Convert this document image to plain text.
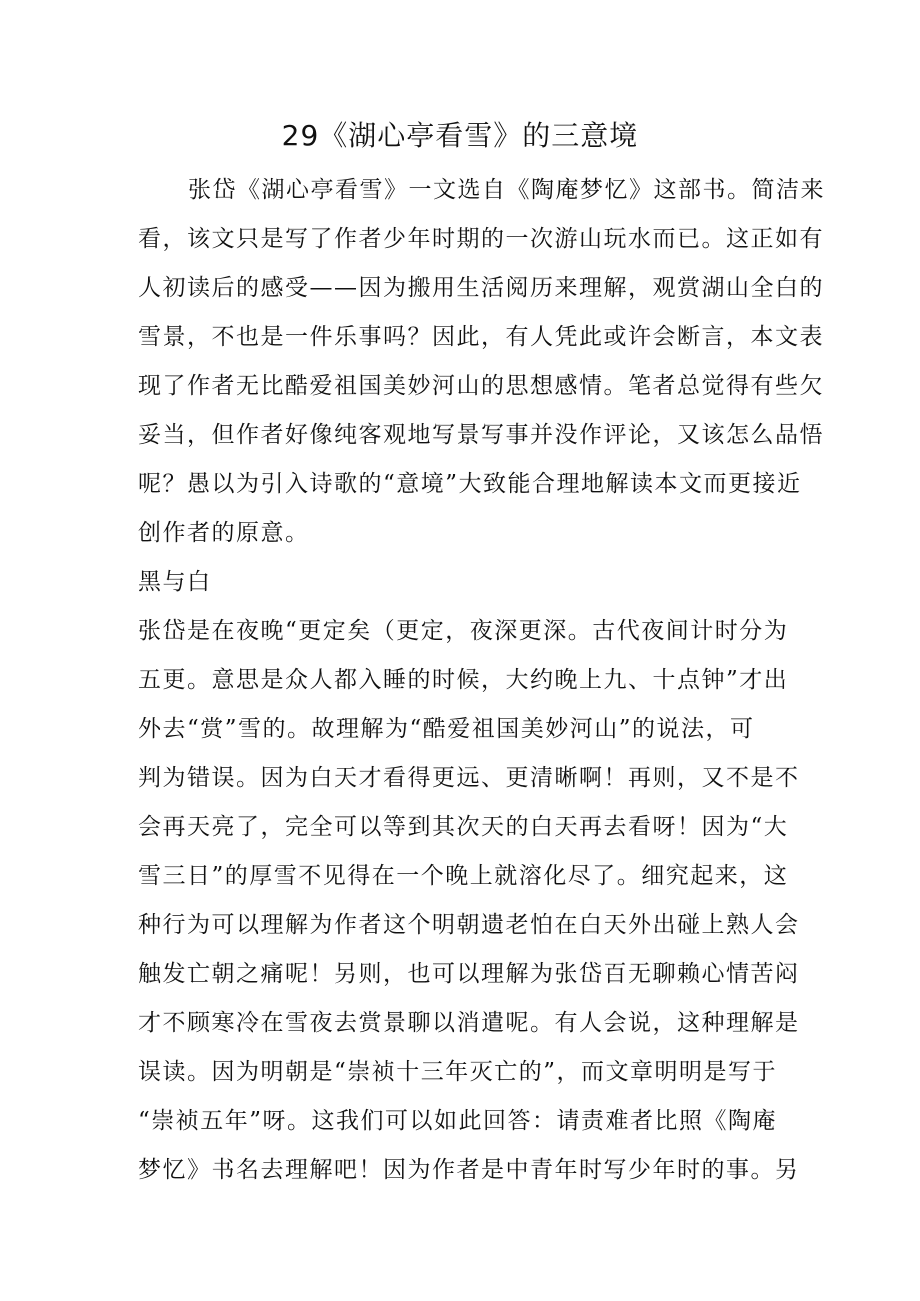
29《湖心亭看雪》的三意境
张岱《湖心亭看雪》一文选自《陶庵梦忆》这部书。简洁来
看，该文只是写了作者少年时期的一次游山玩水而已。这正如有
人初读后的感受——因为搬用生活阅历来理解，观赏湖山全白的
雪景，不也是一件乐事吗？因此，有人凭此或许会断言，本文表
现了作者无比酷爱祖国美妙河山的思想感情。笔者总觉得有些欠
妥当，但作者好像纯客观地写景写事并没作评论，又该怎么品悟
呢？愚以为引入诗歌的“意境”大致能合理地解读本文而更接近
创作者的原意。
黑与白
张岱是在夜晚“更定矣（更定，夜深更深。古代夜间计时分为
五更。意思是众人都入睡的时候，大约晚上九、十点钟”才出
外去“赏”雪的。故理解为“酷爱祖国美妙河山”的说法，可
判为错误。因为白天才看得更远、更清晰啊！再则，又不是不
会再天亮了，完全可以等到其次天的白天再去看呀！因为“大
雪三日”的厚雪不见得在一个晚上就溶化尽了。细究起来，这
种行为可以理解为作者这个明朝遗老怕在白天外出碰上熟人会
触发亡朝之痛呢！另则，也可以理解为张岱百无聊赖心情苦闷
才不顾寒冷在雪夜去赏景聊以消遣呢。有人会说，这种理解是
误读。因为明朝是“崇祯十三年灭亡的”，而文章明明是写于
“崇祯五年”呀。这我们可以如此回答：请责难者比照《陶庵
梦忆》书名去理解吧！因为作者是中青年时写少年时的事。另
